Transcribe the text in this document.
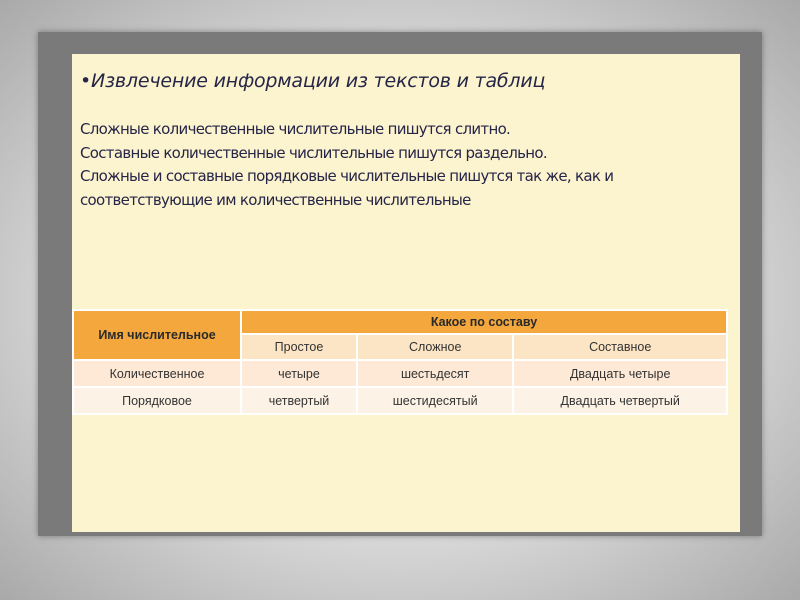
•Извлечение информации из текстов и таблиц

Сложные количественные числительные пишутся слитно.
Составные количественные числительные пишутся раздельно.
Сложные и составные порядковые числительные пишутся так же, как и
соответствующие им количественные числительные

Имя числительное	Какое по составу		
	Простое	Сложное	Составное
Количественное	четыре	шестьдесят	Двадцать четыре
Порядковое	четвертый	шестидесятый	Двадцать четвертый
